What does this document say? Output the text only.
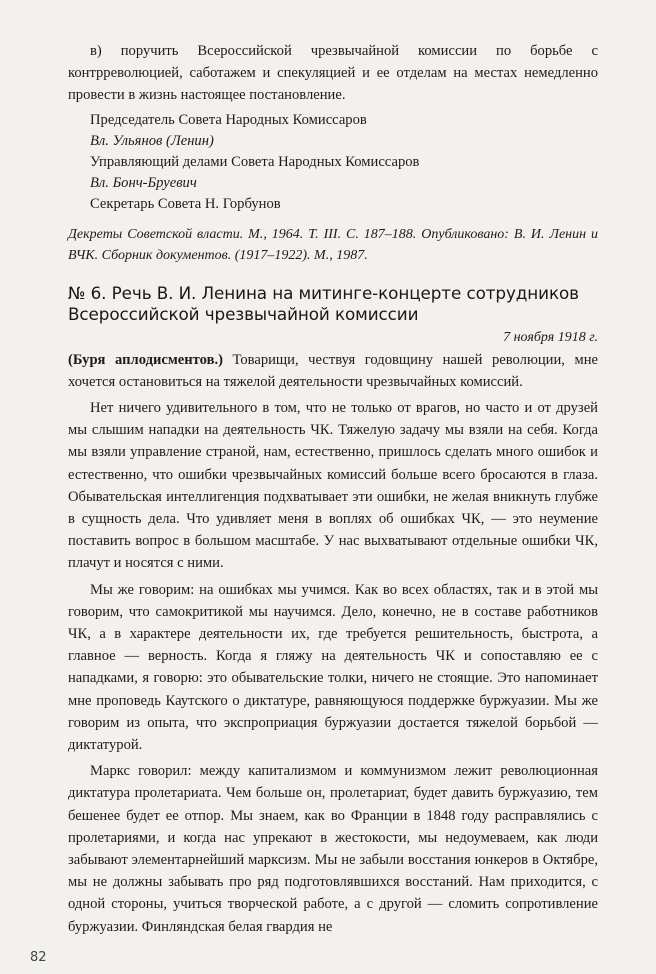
в) поручить Всероссийской чрезвычайной комиссии по борьбе с контрреволюцией, саботажем и спекуляцией и ее отделам на местах немедленно провести в жизнь настоящее постановление.

Председатель Совета Народных Комиссаров

Вл. Ульянов (Ленин)

Управляющий делами Совета Народных Комиссаров

Вл. Бонч-Бруевич

Секретарь Совета Н. Горбунов

Декреты Советской власти. М., 1964. Т. III. С. 187–188. Опубликовано: В. И. Ленин и ВЧК. Сборник документов. (1917–1922). М., 1987.

№ 6. Речь В. И. Ленина на митинге-концерте сотрудников Всероссийской чрезвычайной комиссии

7 ноября 1918 г.

(Буря аплодисментов.) Товарищи, чествуя годовщину нашей революции, мне хочется остановиться на тяжелой деятельности чрезвычайных комиссий.

Нет ничего удивительного в том, что не только от врагов, но часто и от друзей мы слышим нападки на деятельность ЧК. Тяжелую задачу мы взяли на себя. Когда мы взяли управление страной, нам, естественно, пришлось сделать много ошибок и естественно, что ошибки чрезвычайных комиссий больше всего бросаются в глаза. Обывательская интеллигенция подхватывает эти ошибки, не желая вникнуть глубже в сущность дела. Что удивляет меня в воплях об ошибках ЧК, — это неумение поставить вопрос в большом масштабе. У нас выхватывают отдельные ошибки ЧК, плачут и носятся с ними.

Мы же говорим: на ошибках мы учимся. Как во всех областях, так и в этой мы говорим, что самокритикой мы научимся. Дело, конечно, не в составе работников ЧК, а в характере деятельности их, где требуется решительность, быстрота, а главное — верность. Когда я гляжу на деятельность ЧК и сопоставляю ее с нападками, я говорю: это обывательские толки, ничего не стоящие. Это напоминает мне проповедь Каутского о диктатуре, равняющуюся поддержке буржуазии. Мы же говорим из опыта, что экспроприация буржуазии достается тяжелой борьбой — диктатурой.

Маркс говорил: между капитализмом и коммунизмом лежит революционная диктатура пролетариата. Чем больше он, пролетариат, будет давить буржуазию, тем бешенее будет ее отпор. Мы знаем, как во Франции в 1848 году расправлялись с пролетариями, и когда нас упрекают в жестокости, мы недоумеваем, как люди забывают элементарнейший марксизм. Мы не забыли восстания юнкеров в Октябре, мы не должны забывать про ряд подготовлявшихся восстаний. Нам приходится, с одной стороны, учиться творческой работе, а с другой — сломить сопротивление буржуазии. Финляндская белая гвардия не

82
